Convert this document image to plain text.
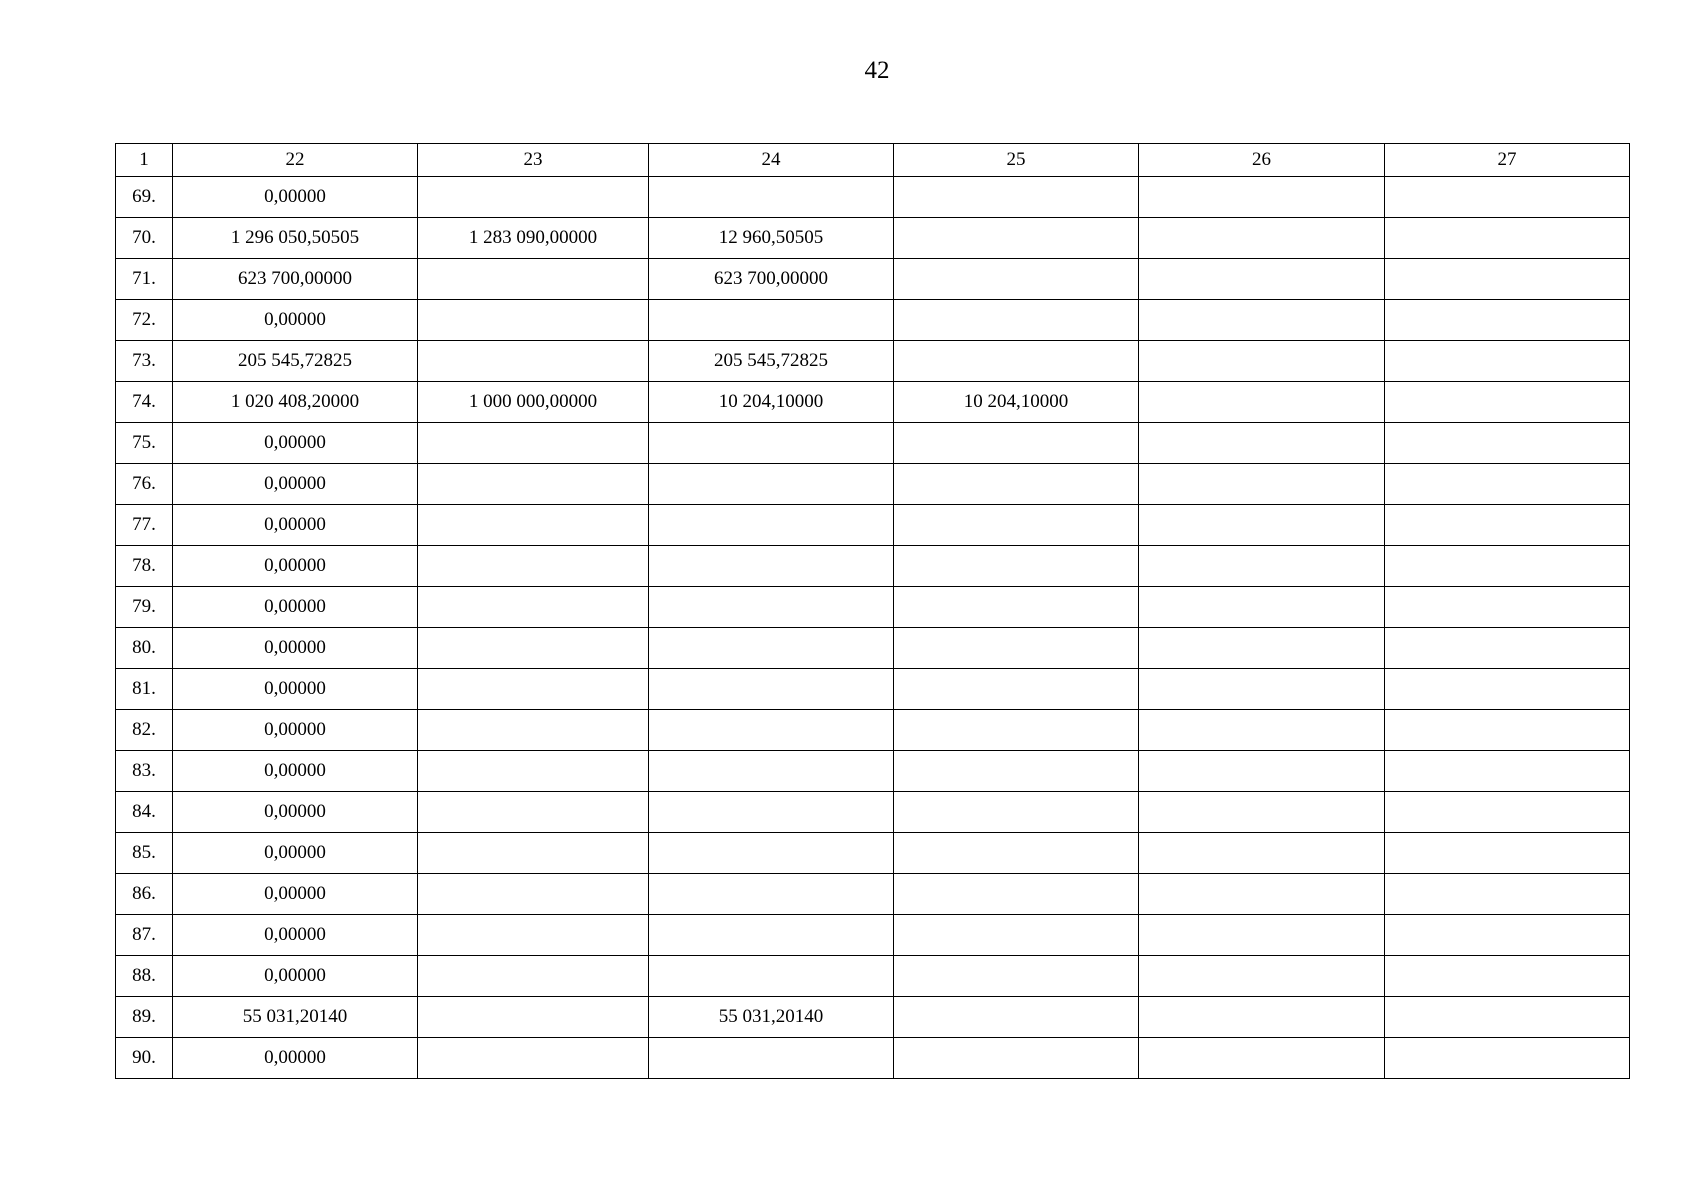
42
1	22	23	24	25	26	27
69.	0,00000					
70.	1 296 050,50505	1 283 090,00000	12 960,50505			
71.	623 700,00000		623 700,00000			
72.	0,00000					
73.	205 545,72825		205 545,72825			
74.	1 020 408,20000	1 000 000,00000	10 204,10000	10 204,10000		
75.	0,00000					
76.	0,00000					
77.	0,00000					
78.	0,00000					
79.	0,00000					
80.	0,00000					
81.	0,00000					
82.	0,00000					
83.	0,00000					
84.	0,00000					
85.	0,00000					
86.	0,00000					
87.	0,00000					
88.	0,00000					
89.	55 031,20140		55 031,20140			
90.	0,00000					
